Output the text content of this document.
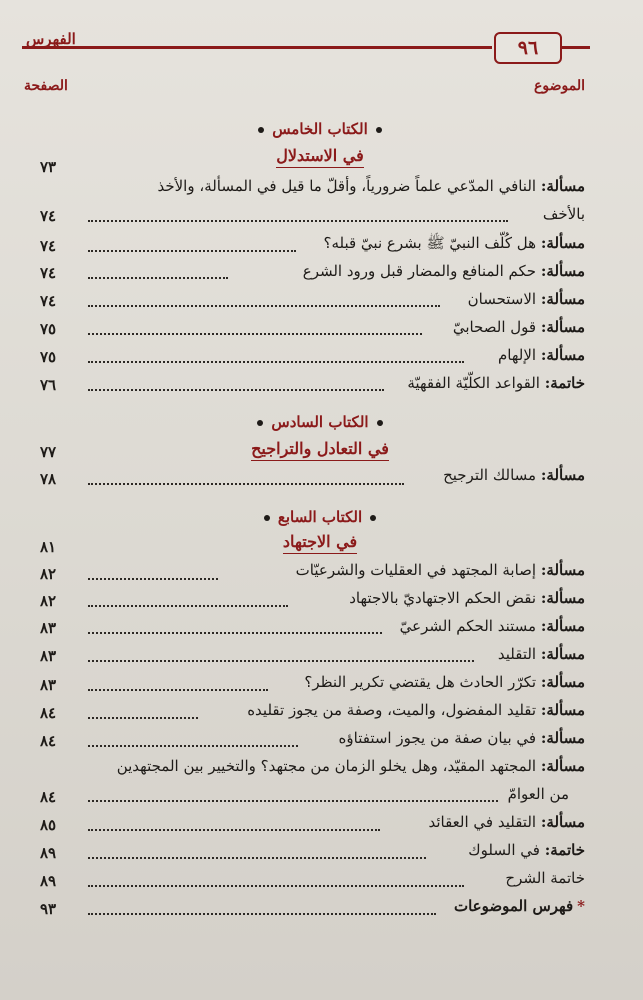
الفهرس	٩٦
الموضوع
الصفحة
الكتاب الخامس
في الاستدلال
مسألة: النافي المدّعي علماً ضرورياً، وأقلّ ما قيل في المسألة، والأخذ
٧٣
بالأخف
٧٤
مسألة: هل كُلّف النبيّ ﷺ بشرع نبيّ قبله؟
٧٤
مسألة: حكم المنافع والمضار قبل ورود الشرع
٧٤
مسألة: الاستحسان
٧٤
مسألة: قول الصحابيّ
٧٥
مسألة: الإلهام
٧٥
خاتمة: القواعد الكلّيّة الفقهيّة
٧٦
الكتاب السادس
في التعادل والتراجيح
٧٧
مسألة: مسالك الترجيح
٧٨
الكتاب السابع
في الاجتهاد
٨١
مسألة: إصابة المجتهد في العقليات والشرعيّات
٨٢
مسألة: نقض الحكم الاجتهاديّ بالاجتهاد
٨٢
مسألة: مستند الحكم الشرعيّ
٨٣
مسألة: التقليد
٨٣
مسألة: تكرّر الحادث هل يقتضي تكرير النظر؟
٨٣
مسألة: تقليد المفضول، والميت، وصفة من يجوز تقليده
٨٤
مسألة: في بيان صفة من يجوز استفتاؤه
٨٤
مسألة: المجتهد المقيّد، وهل يخلو الزمان من مجتهد؟ والتخيير بين المجتهدين
من العوامّ
٨٤
مسألة: التقليد في العقائد
٨٥
خاتمة: في السلوك
٨٩
خاتمة الشرح
٨٩
*فهرس الموضوعات
٩٣
